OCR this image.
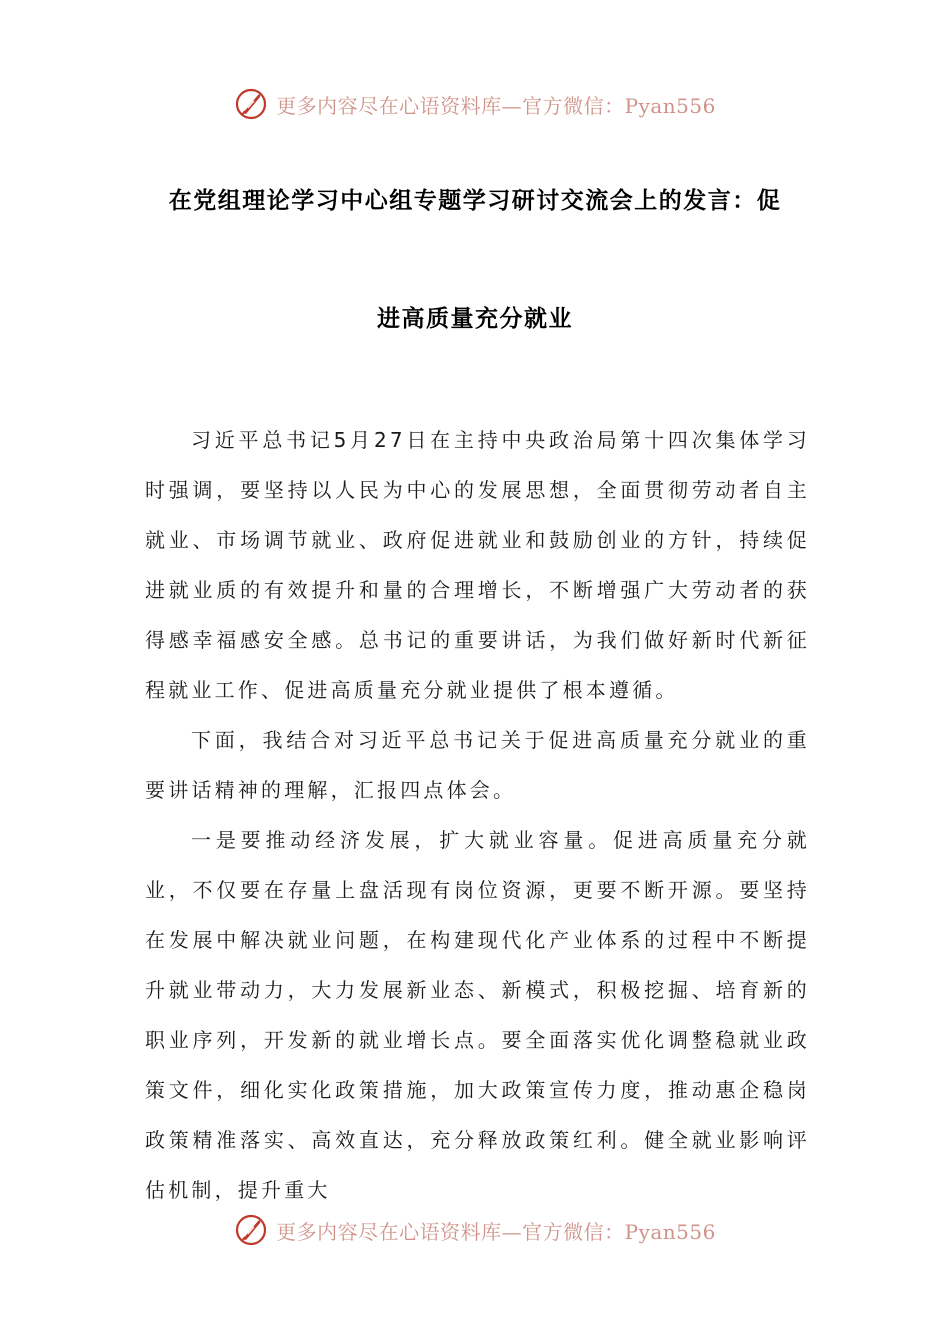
更多内容尽在心语资料库—官方微信：Pyan556
在党组理论学习中心组专题学习研讨交流会上的发言：促
进高质量充分就业

习近平总书记5月27日在主持中央政治局第十四次集体学习时强调，要坚持以人民为中心的发展思想，全面贯彻劳动者自主就业、市场调节就业、政府促进就业和鼓励创业的方针，持续促进就业质的有效提升和量的合理增长，不断增强广大劳动者的获得感幸福感安全感。总书记的重要讲话，为我们做好新时代新征程就业工作、促进高质量充分就业提供了根本遵循。

下面，我结合对习近平总书记关于促进高质量充分就业的重要讲话精神的理解，汇报四点体会。

一是要推动经济发展，扩大就业容量。促进高质量充分就业，不仅要在存量上盘活现有岗位资源，更要不断开源。要坚持在发展中解决就业问题，在构建现代化产业体系的过程中不断提升就业带动力，大力发展新业态、新模式，积极挖掘、培育新的职业序列，开发新的就业增长点。要全面落实优化调整稳就业政策文件，细化实化政策措施，加大政策宣传力度，推动惠企稳岗政策精准落实、高效直达，充分释放政策红利。健全就业影响评估机制，提升重大

更多内容尽在心语资料库—官方微信：Pyan556
